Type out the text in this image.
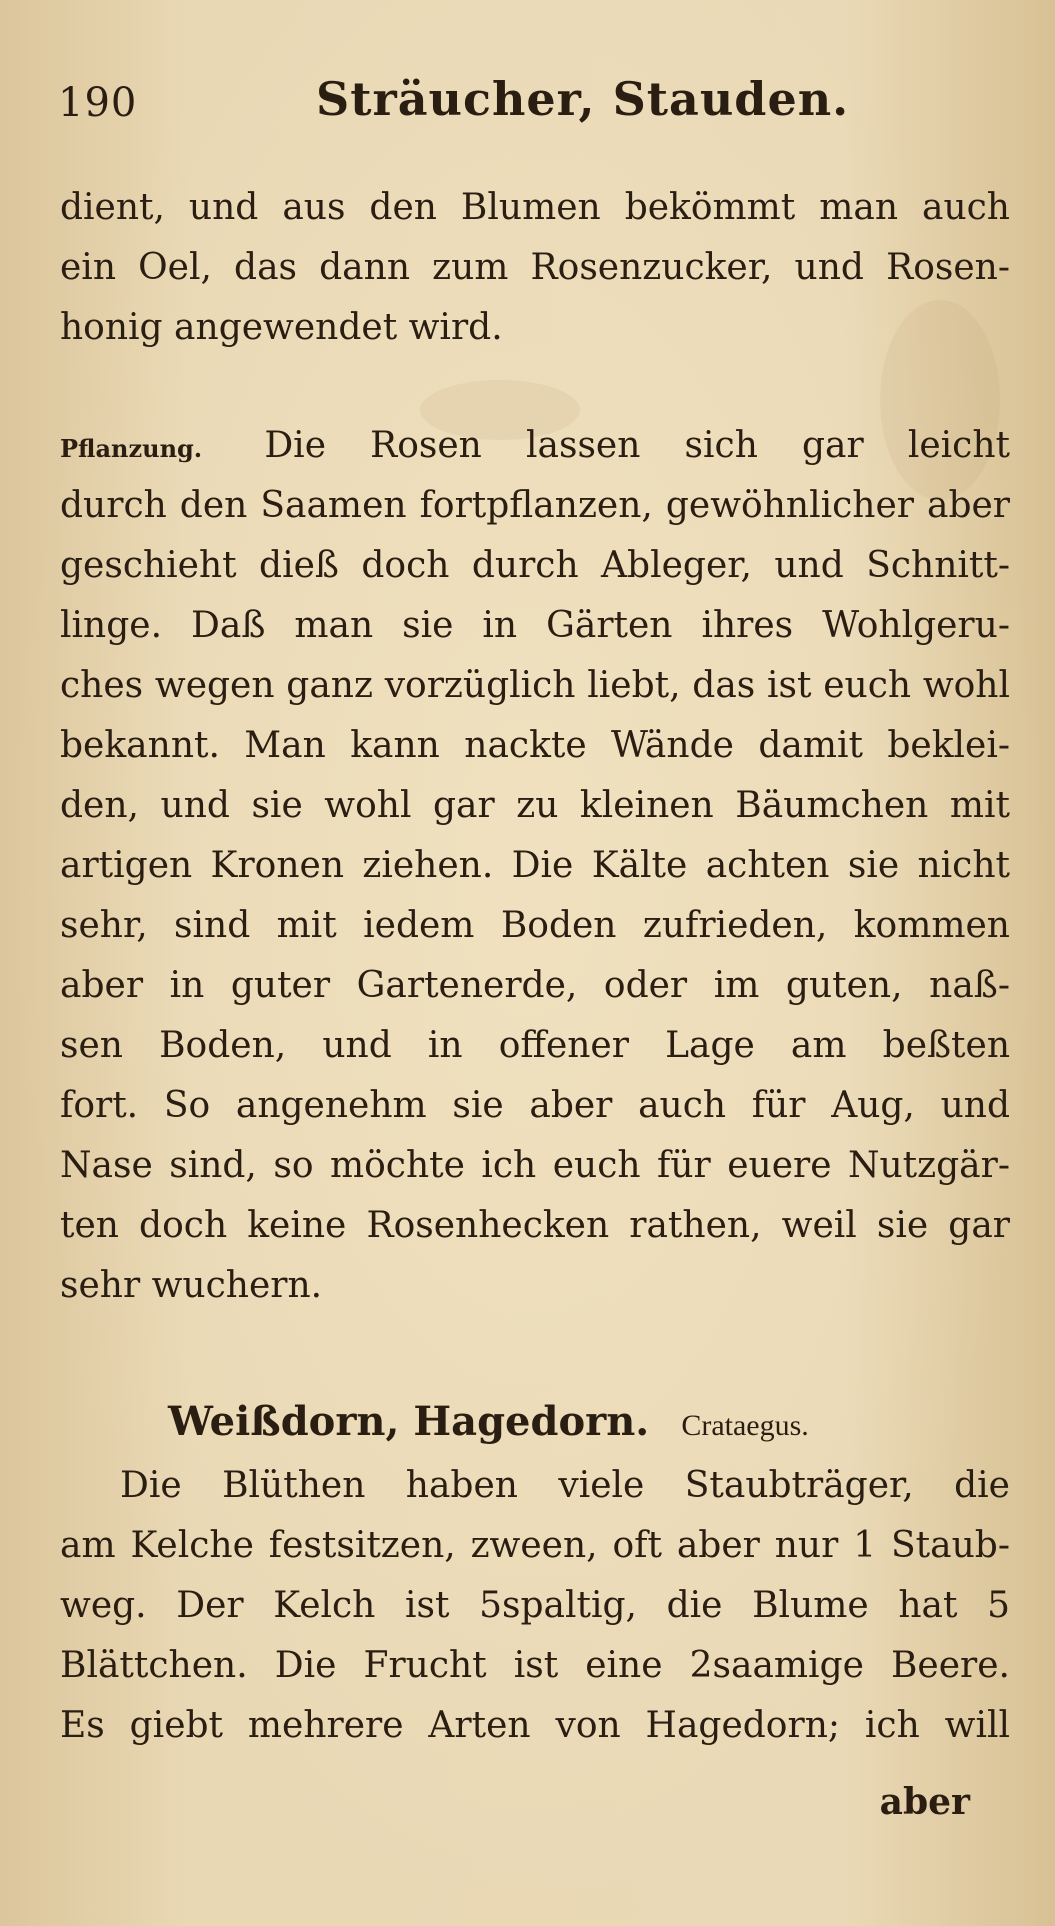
190	Sträucher, Stauden.
dient, und aus den Blumen bekömmt man auch
ein Oel, das dann zum Rosenzucker, und Rosen-
honig angewendet wird.
Pflanzung. Die Rosen lassen sich gar leicht
durch den Saamen fortpflanzen, gewöhnlicher aber
geschieht dieß doch durch Ableger, und Schnitt-
linge. Daß man sie in Gärten ihres Wohlgeru-
ches wegen ganz vorzüglich liebt, das ist euch wohl
bekannt. Man kann nackte Wände damit beklei-
den, und sie wohl gar zu kleinen Bäumchen mit
artigen Kronen ziehen. Die Kälte achten sie nicht
sehr, sind mit iedem Boden zufrieden, kommen
aber in guter Gartenerde, oder im guten, naß-
sen Boden, und in offener Lage am beßten
fort. So angenehm sie aber auch für Aug, und
Nase sind, so möchte ich euch für euere Nutzgär-
ten doch keine Rosenhecken rathen, weil sie gar
sehr wuchern.
Weißdorn, Hagedorn. Crataegus.
Die Blüthen haben viele Staubträger, die
am Kelche festsitzen, zween, oft aber nur 1 Staub-
weg. Der Kelch ist 5spaltig, die Blume hat 5
Blättchen. Die Frucht ist eine 2saamige Beere.
Es giebt mehrere Arten von Hagedorn; ich will
aber
